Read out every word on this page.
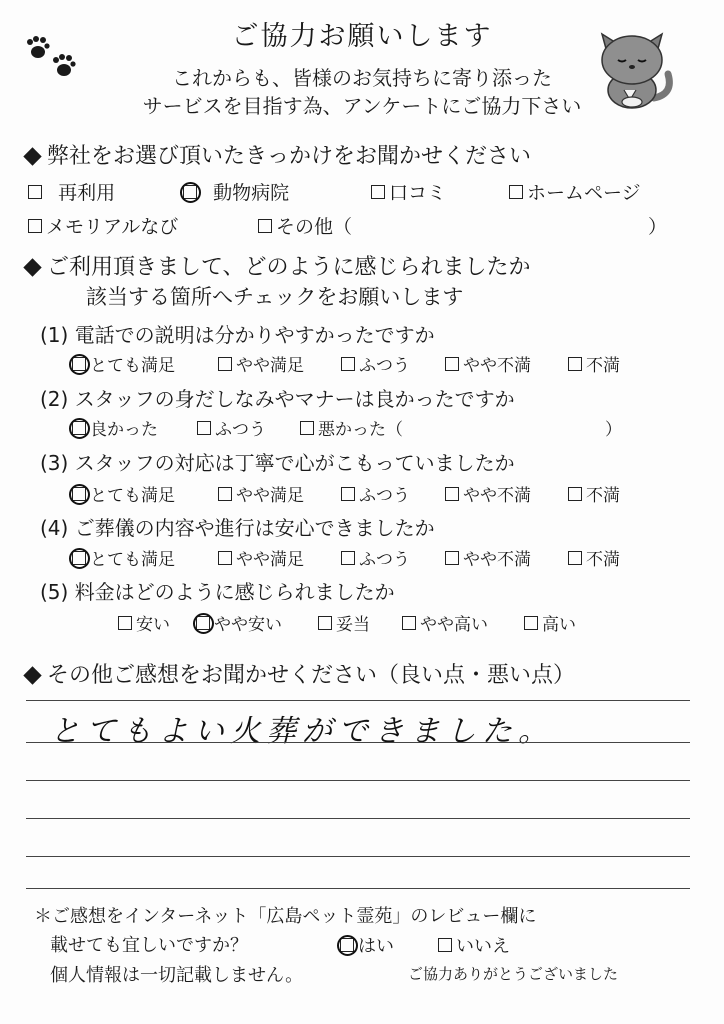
ご協力お願いします
これからも、皆様のお気持ちに寄り添った
サービスを目指す為、アンケートにご協力下さい
弊社をお選び頂いたきっかけをお聞かせください

再利用
	動物病院	口コミ	ホームページ
メモリアルなび	その他（	）
ご利用頂きまして、どのように感じられましたか
該当する箇所へチェックをお願いします
(1) 電話での説明は分かりやすかったですか
とても満足	やや満足	ふつう	やや不満	不満
(2) スタッフの身だしなみやマナーは良かったですか
良かった	ふつう	悪かった（	）
(3) スタッフの対応は丁寧で心がこもっていましたか
とても満足	やや満足	ふつう	やや不満	不満
(4) ご葬儀の内容や進行は安心できましたか
とても満足	やや満足	ふつう	やや不満	不満
(5) 料金はどのように感じられましたか
安い	やや安い	妥当	やや高い	高い
その他ご感想をお聞かせください（良い点・悪い点）
とてもよい火葬ができました。
＊ご感想をインターネット「広島ペット霊苑」のレビュー欄に
載せても宜しいですか？	はい	いいえ
個人情報は一切記載しません。	ご協力ありがとうございました
